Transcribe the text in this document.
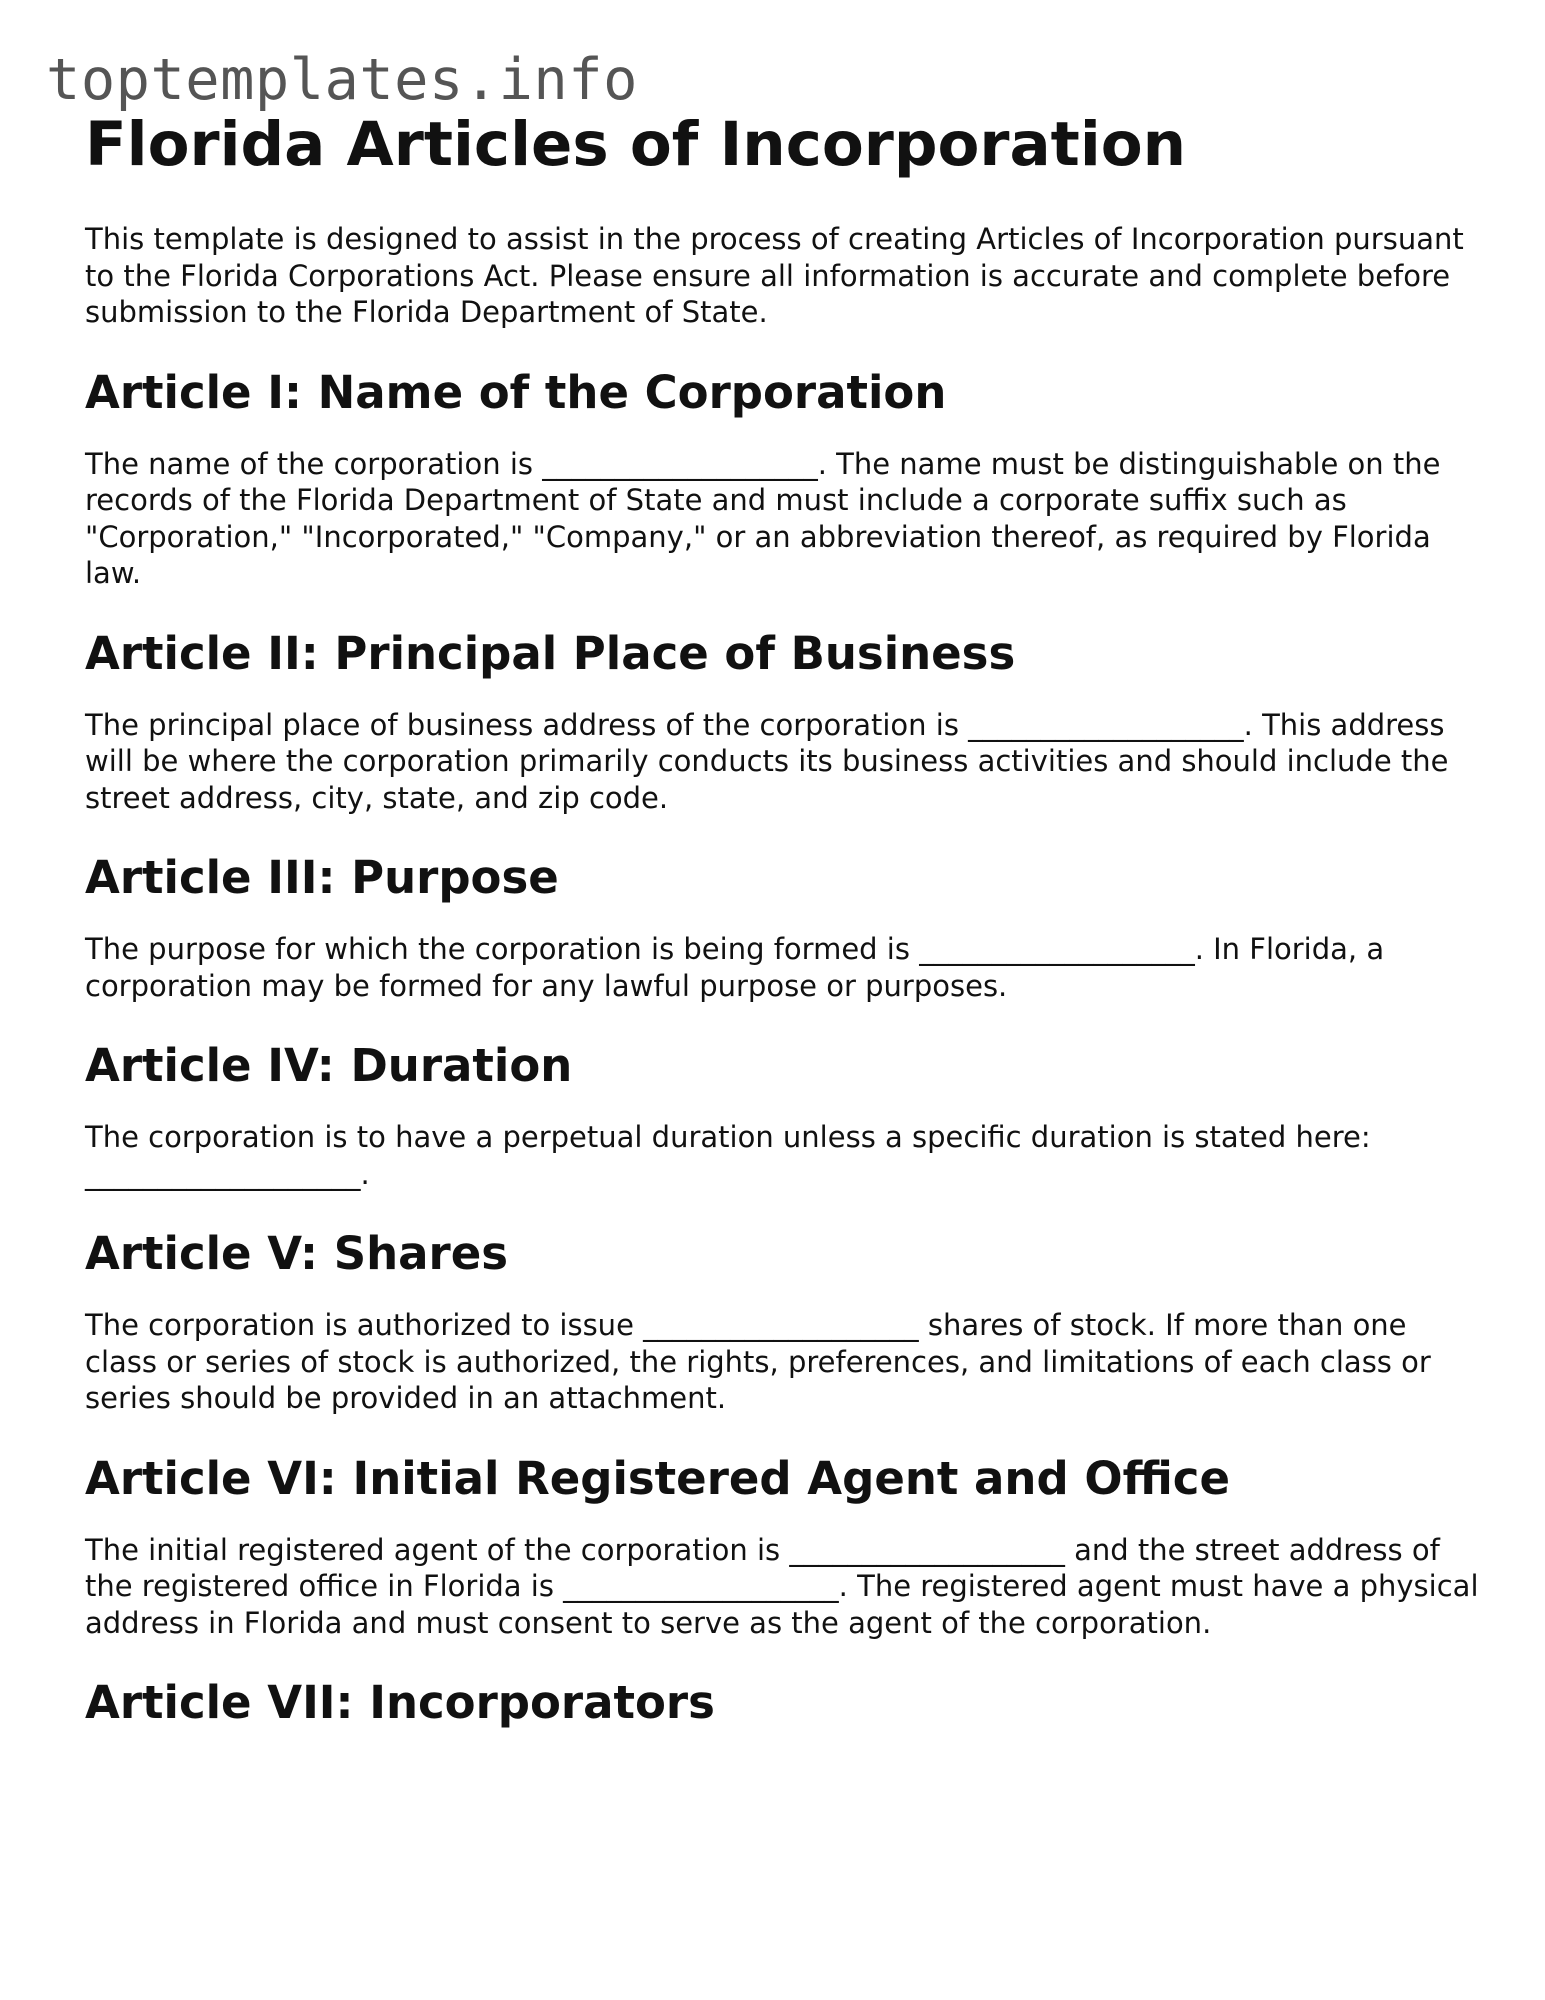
toptemplates.info
Florida Articles of Incorporation

This template is designed to assist in the process of creating Articles of Incorporation pursuant to the Florida Corporations Act. Please ensure all information is accurate and complete before submission to the Florida Department of State.

Article I: Name of the Corporation

The name of the corporation is ___________________. The name must be distinguishable on the records of the Florida Department of State and must include a corporate suffix such as "Corporation," "Incorporated," "Company," or an abbreviation thereof, as required by Florida law.

Article II: Principal Place of Business

The principal place of business address of the corporation is ___________________. This address will be where the corporation primarily conducts its business activities and should include the street address, city, state, and zip code.

Article III: Purpose

The purpose for which the corporation is being formed is ___________________. In Florida, a corporation may be formed for any lawful purpose or purposes.

Article IV: Duration

The corporation is to have a perpetual duration unless a specific duration is stated here: ___________________.

Article V: Shares

The corporation is authorized to issue ___________________ shares of stock. If more than one class or series of stock is authorized, the rights, preferences, and limitations of each class or series should be provided in an attachment.

Article VI: Initial Registered Agent and Office

The initial registered agent of the corporation is ___________________ and the street address of the registered office in Florida is ___________________. The registered agent must have a physical address in Florida and must consent to serve as the agent of the corporation.

Article VII: Incorporators
